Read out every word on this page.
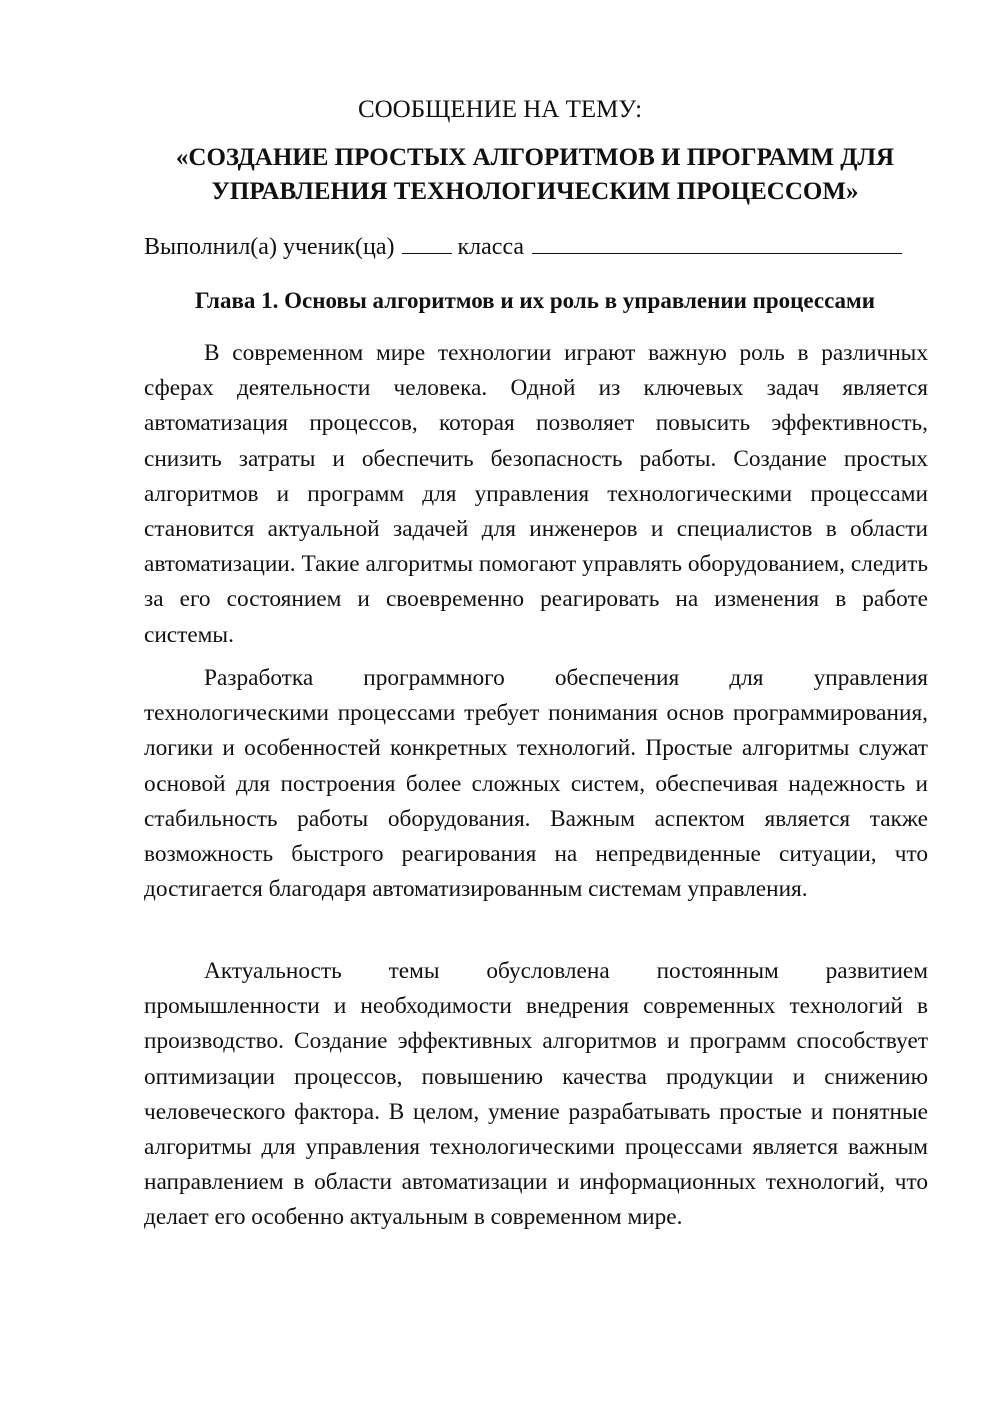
СООБЩЕНИЕ НА ТЕМУ:
«СОЗДАНИЕ ПРОСТЫХ АЛГОРИТМОВ И ПРОГРАММ ДЛЯ
УПРАВЛЕНИЯ ТЕХНОЛОГИЧЕСКИМ ПРОЦЕССОМ»
Выполнил(а) ученик(ца)	класса
Глава 1. Основы алгоритмов и их роль в управлении процессами

В современном мире технологии играют важную роль в различных сферах деятельности человека. Одной из ключевых задач является автоматизация процессов, которая позволяет повысить эффективность, снизить затраты и обеспечить безопасность работы. Создание простых алгоритмов и программ для управления технологическими процессами становится актуальной задачей для инженеров и специалистов в области автоматизации. Такие алгоритмы помогают управлять оборудованием, следить за его состоянием и своевременно реагировать на изменения в работе системы.

Разработка программного обеспечения для управления технологическими процессами требует понимания основ программирования, логики и особенностей конкретных технологий. Простые алгоритмы служат основой для построения более сложных систем, обеспечивая надежность и стабильность работы оборудования. Важным аспектом является также возможность быстрого реагирования на непредвиденные ситуации, что достигается благодаря автоматизированным системам управления.

Актуальность темы обусловлена постоянным развитием промышленности и необходимости внедрения современных технологий в производство. Создание эффективных алгоритмов и программ способствует оптимизации процессов, повышению качества продукции и снижению человеческого фактора. В целом, умение разрабатывать простые и понятные алгоритмы для управления технологическими процессами является важным направлением в области автоматизации и информационных технологий, что делает его особенно актуальным в современном мире.
